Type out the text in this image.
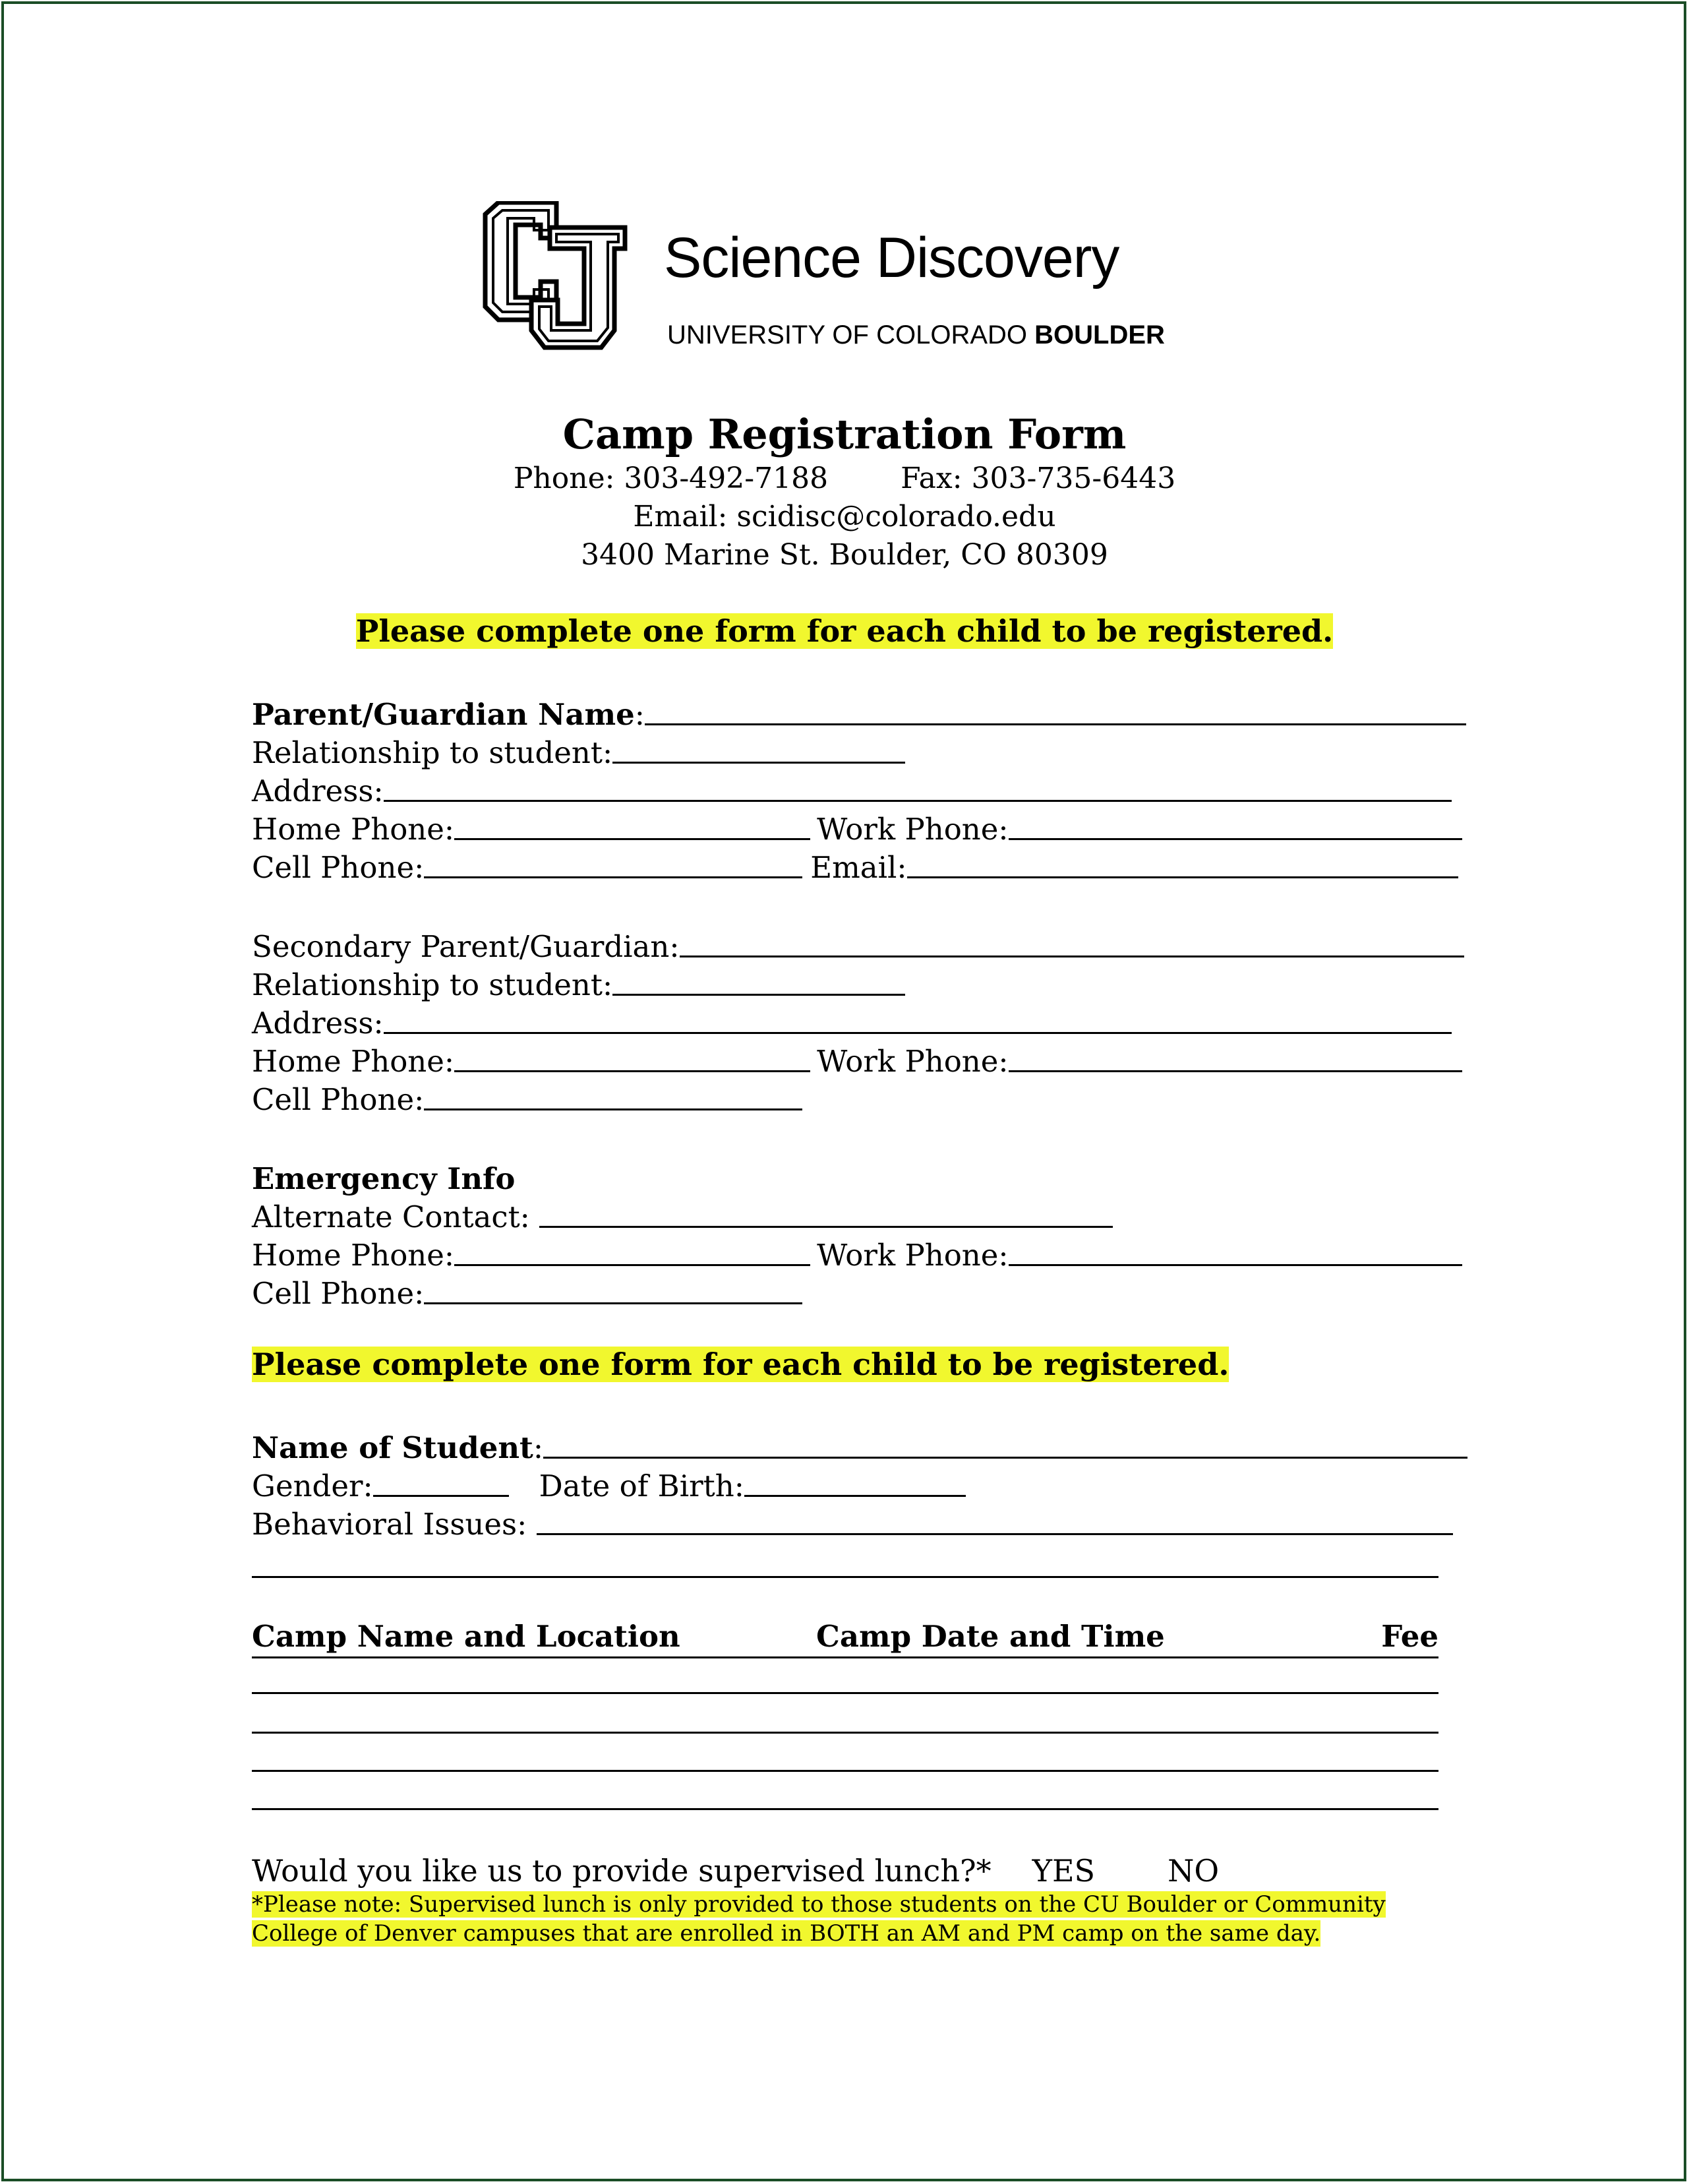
Science Discovery
UNIVERSITY OF COLORADO BOULDER
Camp Registration Form
Phone: 303-492-7188	Fax: 303-735-6443
Email: scidisc@colorado.edu
3400 Marine St. Boulder, CO 80309
Please complete one form for each child to be registered.
Parent/Guardian Name :
Relationship to student:
Address:
Home Phone:	Work Phone:
Cell Phone:	Email:
Secondary Parent/Guardian:
Relationship to student:
Address:
Home Phone:	Work Phone:
Cell Phone:
Emergency Info
Alternate Contact:
Home Phone:	Work Phone:
Cell Phone:
Please complete one form for each child to be registered.
Name of Student :
Gender:	Date of Birth:
Behavioral Issues:
Camp Name and Location	Camp Date and Time	Fee
Would you like us to provide supervised lunch?* YES NO
*Please note: Supervised lunch is only provided to those students on the CU Boulder or Community College of Denver campuses that are enrolled in BOTH an AM and PM camp on the same day.
